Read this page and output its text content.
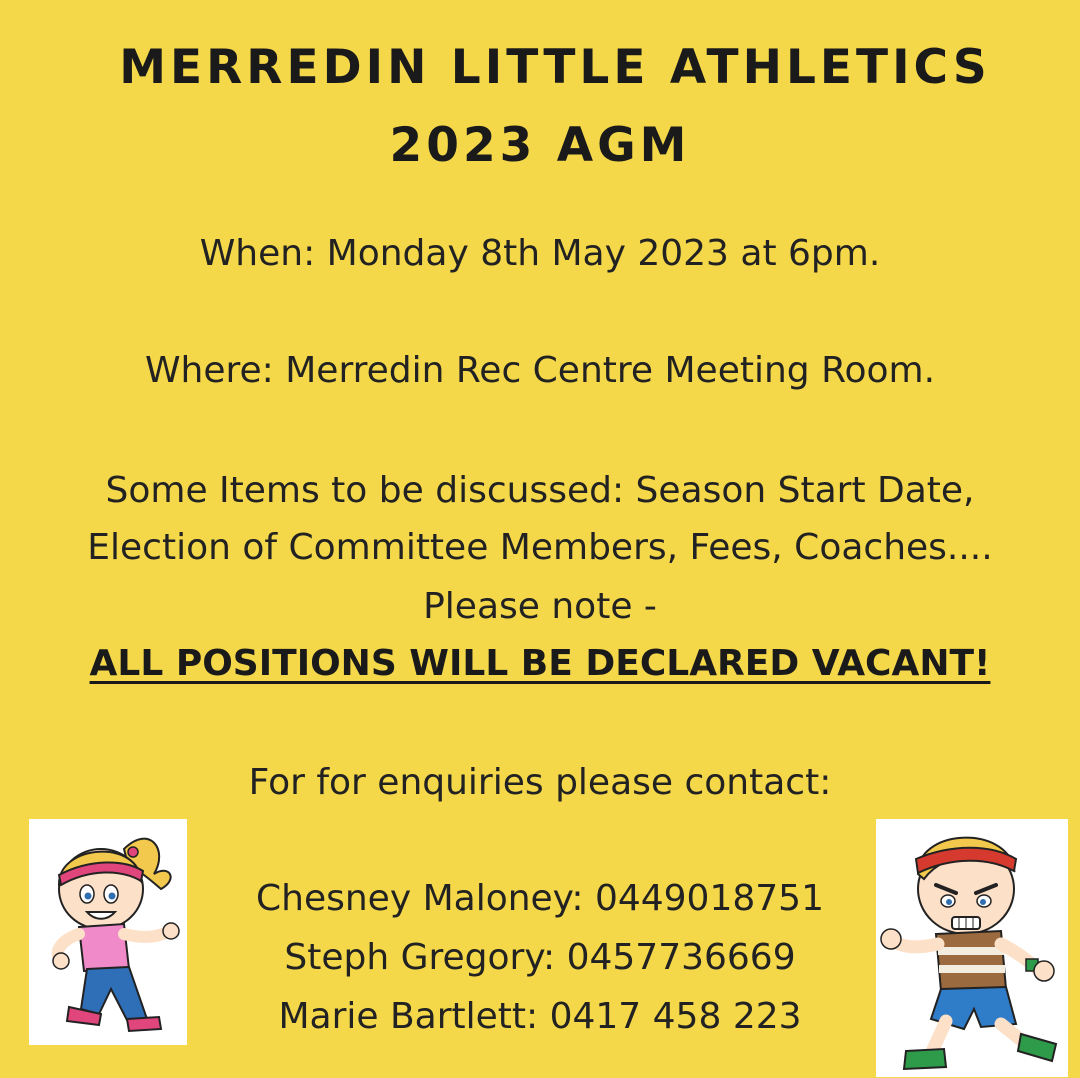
MERREDIN LITTLE ATHLETICS
2023 AGM

When: Monday 8th May 2023 at 6pm.

Where: Merredin Rec Centre Meeting Room.

Some Items to be discussed: Season Start Date,

Election of Committee Members, Fees, Coaches....

Please note -

ALL POSITIONS WILL BE DECLARED VACANT!

For for enquiries please contact:

Chesney Maloney: 0449018751

Steph Gregory: 0457736669

Marie Bartlett: 0417 458 223
